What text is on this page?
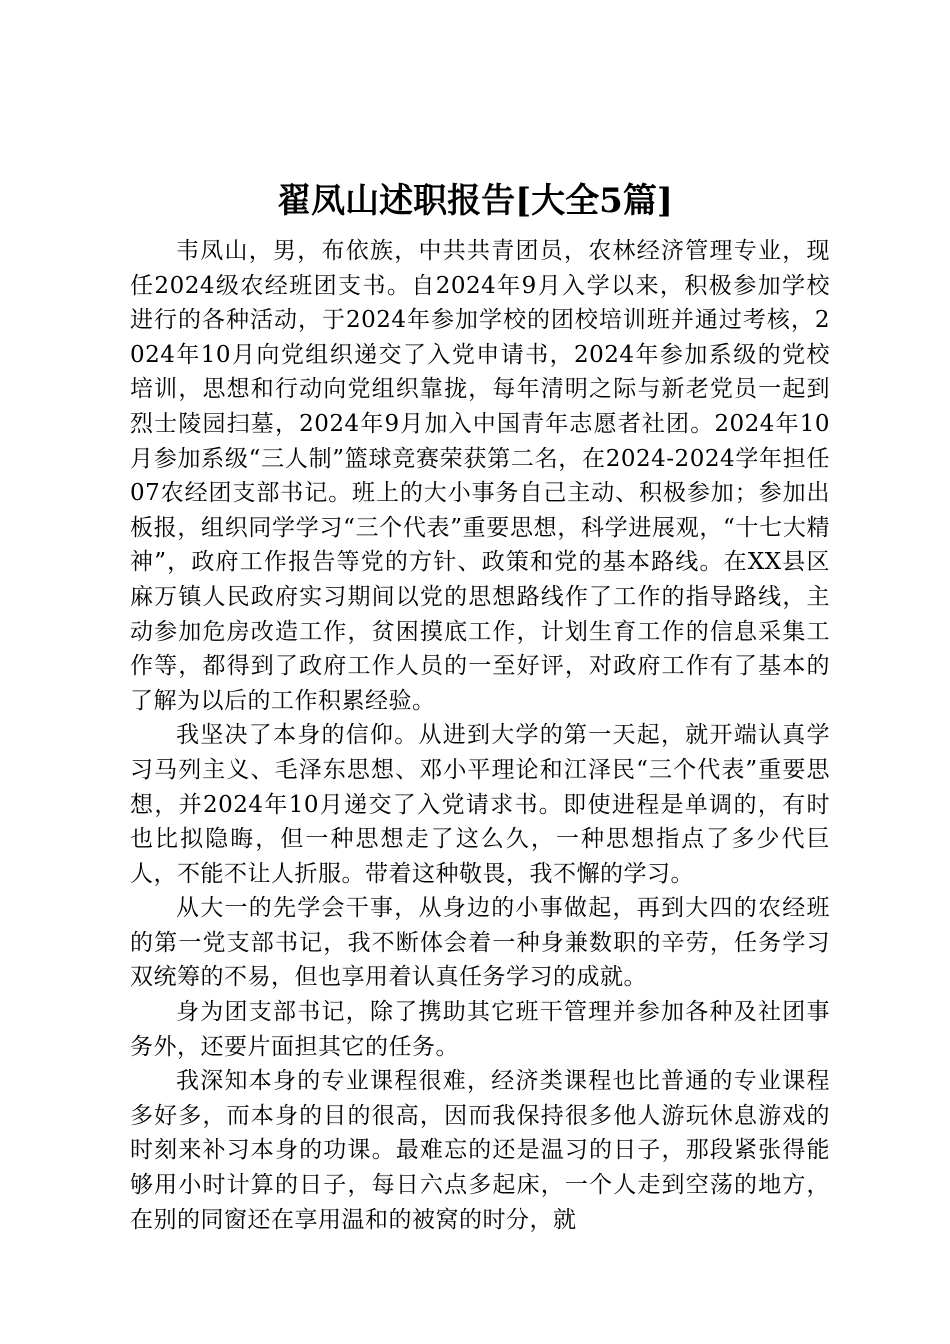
翟凤山述职报告[大全5篇]

韦凤山，男，布依族，中共共青团员，农林经济管理专业，现任2024级农经班团支书。自2024年9月入学以来，积极参加学校进行的各种活动，于2024年参加学校的团校培训班并通过考核，2024年10月向党组织递交了入党申请书，2024年参加系级的党校培训，思想和行动向党组织靠拢，每年清明之际与新老党员一起到烈士陵园扫墓，2024年9月加入中国青年志愿者社团。2024年10月参加系级“三人制”篮球竞赛荣获第二名，在2024-2024学年担任07农经团支部书记。班上的大小事务自己主动、积极参加；参加出板报，组织同学学习“三个代表”重要思想，科学进展观，“十七大精神”，政府工作报告等党的方针、政策和党的基本路线。在XX县区麻万镇人民政府实习期间以党的思想路线作了工作的指导路线，主动参加危房改造工作，贫困摸底工作，计划生育工作的信息采集工作等，都得到了政府工作人员的一至好评，对政府工作有了基本的了解为以后的工作积累经验。

我坚决了本身的信仰。从进到大学的第一天起，就开端认真学习马列主义、毛泽东思想、邓小平理论和江泽民“三个代表”重要思想，并2024年10月递交了入党请求书。即使进程是单调的，有时也比拟隐晦，但一种思想走了这么久，一种思想指点了多少代巨人，不能不让人折服。带着这种敬畏，我不懈的学习。

从大一的先学会干事，从身边的小事做起，再到大四的农经班的第一党支部书记，我不断体会着一种身兼数职的辛劳，任务学习双统筹的不易，但也享用着认真任务学习的成就。

身为团支部书记，除了携助其它班干管理并参加各种及社团事务外，还要片面担其它的任务。

我深知本身的专业课程很难，经济类课程也比普通的专业课程多好多，而本身的目的很高，因而我保持很多他人游玩休息游戏的时刻来补习本身的功课。最难忘的还是温习的日子，那段紧张得能够用小时计算的日子，每日六点多起床，一个人走到空荡的地方，在别的同窗还在享用温和的被窝的时分，就
